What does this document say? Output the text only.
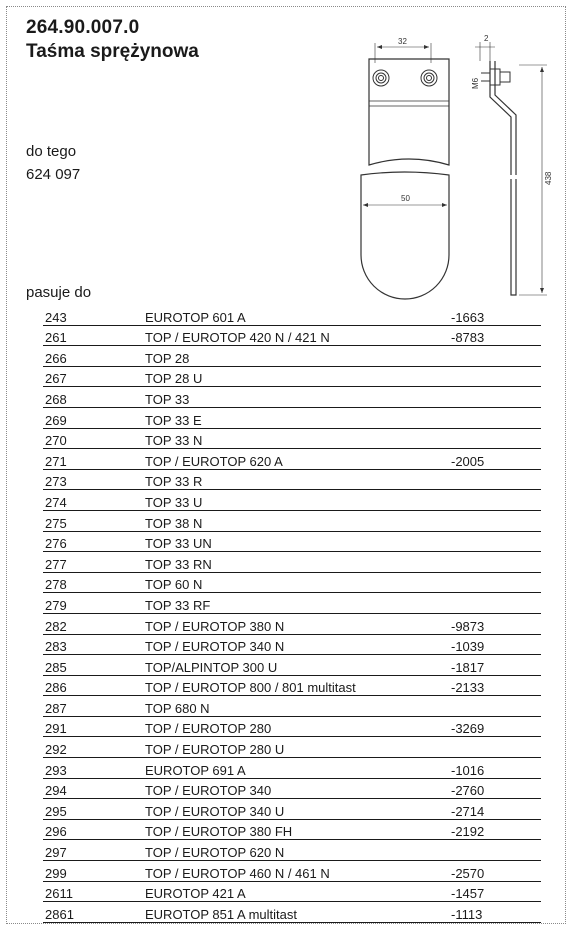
264.90.007.0
Taśma sprężynowa
do tego
624 097
pasuje do
32	2
M6
50
438
243	EUROTOP 601 A	-1663
261	TOP / EUROTOP 420 N / 421 N	-8783
266	TOP 28
267	TOP 28 U
268	TOP 33
269	TOP 33 E
270	TOP 33 N
271	TOP / EUROTOP 620 A	-2005
273	TOP 33 R
274	TOP 33 U
275	TOP 38 N
276	TOP 33 UN
277	TOP 33 RN
278	TOP 60 N
279	TOP 33 RF
282	TOP / EUROTOP 380 N	-9873
283	TOP / EUROTOP 340 N	-1039
285	TOP/ALPINTOP 300 U	-1817
286	TOP / EUROTOP 800 / 801 multitast	-2133
287	TOP 680 N
291	TOP / EUROTOP 280	-3269
292	TOP / EUROTOP 280 U
293	EUROTOP 691 A	-1016
294	TOP / EUROTOP 340	-2760
295	TOP / EUROTOP 340 U	-2714
296	TOP / EUROTOP 380 FH	-2192
297	TOP / EUROTOP 620 N
299	TOP / EUROTOP 460 N / 461 N	-2570
2611	EUROTOP 421 A	-1457
2861	EUROTOP 851 A multitast	-1113
